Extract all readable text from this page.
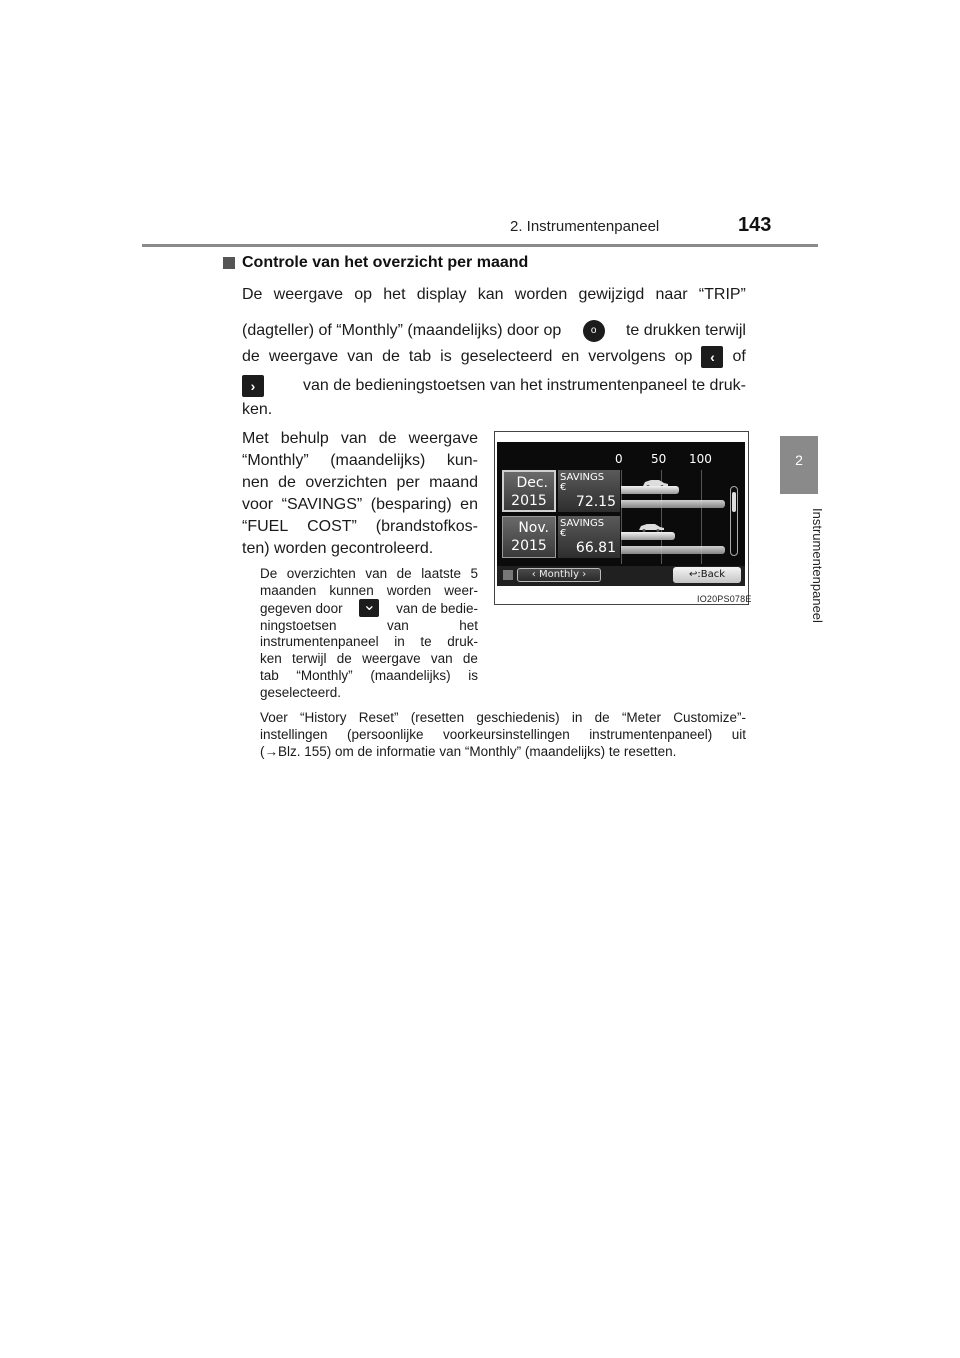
2. Instrumentenpaneel	143
2
Instrumentenpaneel
Controle van het overzicht per maand
De weergave op het display kan worden gewijzigd naar “TRIP”
(dagteller) of “Monthly” (maandelijks) door op	o	te drukken terwijl
de weergave van de tab is geselecteerd en vervolgens op	‹	of
›	van de bedieningstoetsen van het instrumentenpaneel te druk-
ken.
Met behulp van de weergave
“Monthly” (maandelijks) kun-
nen de overzichten per maand
voor “SAVINGS” (besparing) en
“FUEL COST” (brandstofkos-
ten) worden gecontroleerd.
De overzichten van de laatste 5
maanden kunnen worden weer-
gegeven door ⌄ van de bedie-
ningstoetsen	van	het
instrumentenpaneel in te druk-
ken terwijl de weergave van de
tab “Monthly” (maandelijks) is
geselecteerd.
Voer “History Reset” (resetten geschiedenis) in de “Meter Customize”-
instellingen (persoonlijke voorkeursinstellingen instrumentenpaneel) uit
(→Blz. 155) om de informatie van “Monthly” (maandelijks) te resetten.
0 50 100
Dec.
2015
SAVINGS
€
72.15
Nov.
2015
SAVINGS
€
66.81
‹ Monthly ›	↩:Back
IO20PS078E
